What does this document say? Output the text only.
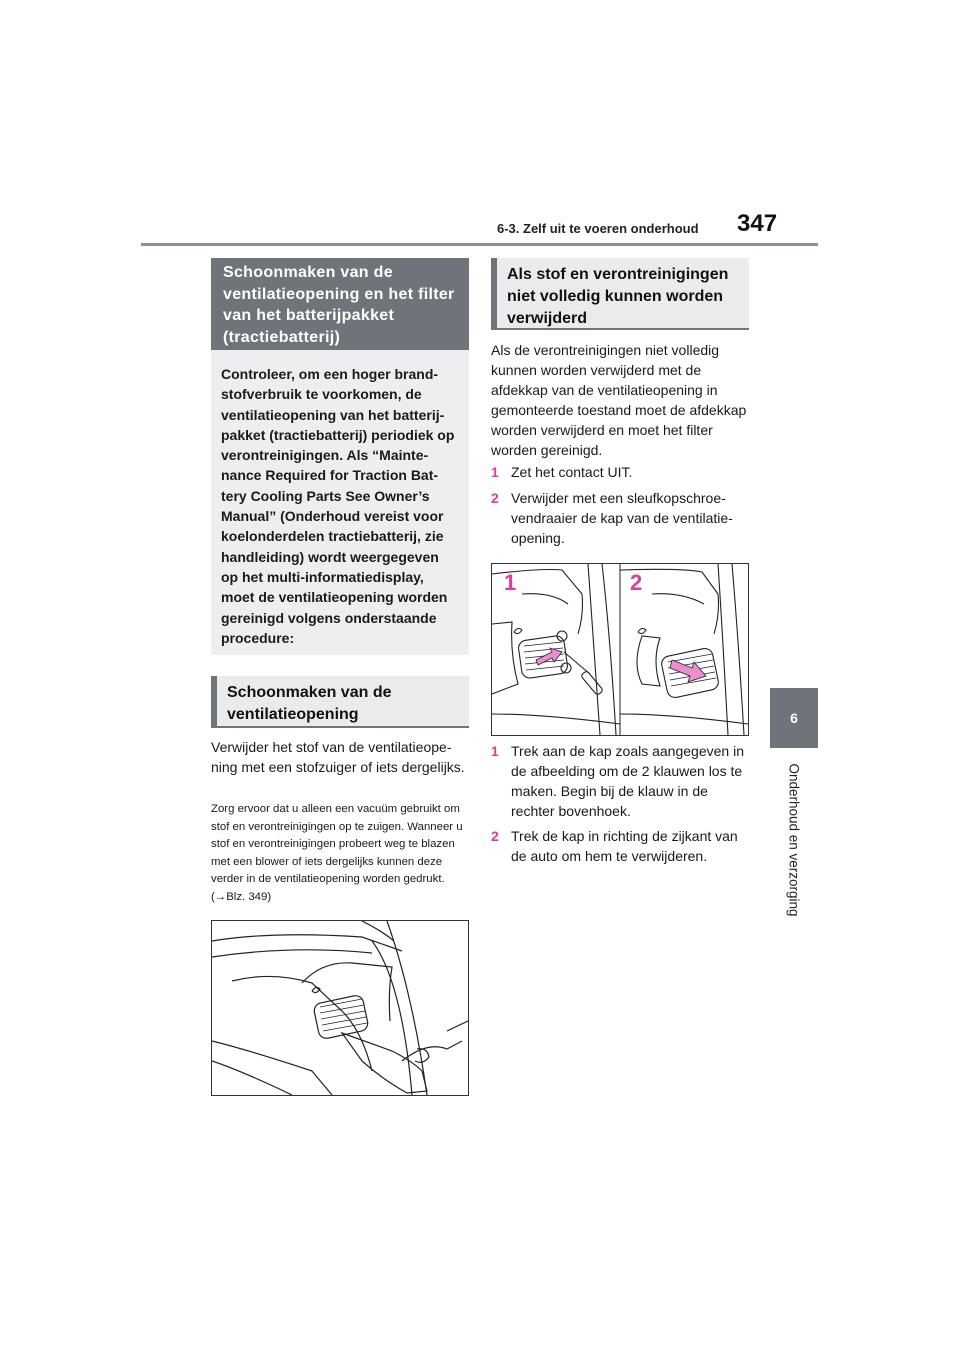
6-3. Zelf uit te voeren onderhoud 347
6
Onderhoud en verzorging
Schoonmaken van de ventilatieopening en het filter van het batterijpakket (tractiebatterij)

Controleer, om een hoger brandstofverbruik te voorkomen, de ventilatieopening van het batterijpakket (tractiebatterij) periodiek op verontreinigingen. Als “Maintenance Required for Traction Battery Cooling Parts See Owner’s Manual” (Onderhoud vereist voor koelonderdelen tractiebatterij, zie handleiding) wordt weergegeven op het multi-informatiedisplay, moet de ventilatieopening worden gereinigd volgens onderstaande procedure:

Schoonmaken van de ventilatieopening

Verwijder het stof van de ventilatieopening met een stofzuiger of iets dergelijks.

Zorg ervoor dat u alleen een vacuüm gebruikt om stof en verontreinigingen op te zuigen. Wanneer u stof en verontreinigingen probeert weg te blazen met een blower of iets dergelijks kunnen deze verder in de ventilatieopening worden gedrukt. (→Blz. 349)

Als stof en verontreinigingen niet volledig kunnen worden verwijderd

Als de verontreinigingen niet volledig kunnen worden verwijderd met de afdekkap van de ventilatieopening in gemonteerde toestand moet de afdekkap worden verwijderd en moet het filter worden gereinigd.

1 Zet het contact UIT.

2 Verwijder met een sleufkopschroevendraaier de kap van de ventilatieopening.

1	2
1 Trek aan de kap zoals aangegeven in de afbeelding om de 2 klauwen los te maken. Begin bij de klauw in de rechter bovenhoek.

2 Trek de kap in richting de zijkant van de auto om hem te verwijderen.
